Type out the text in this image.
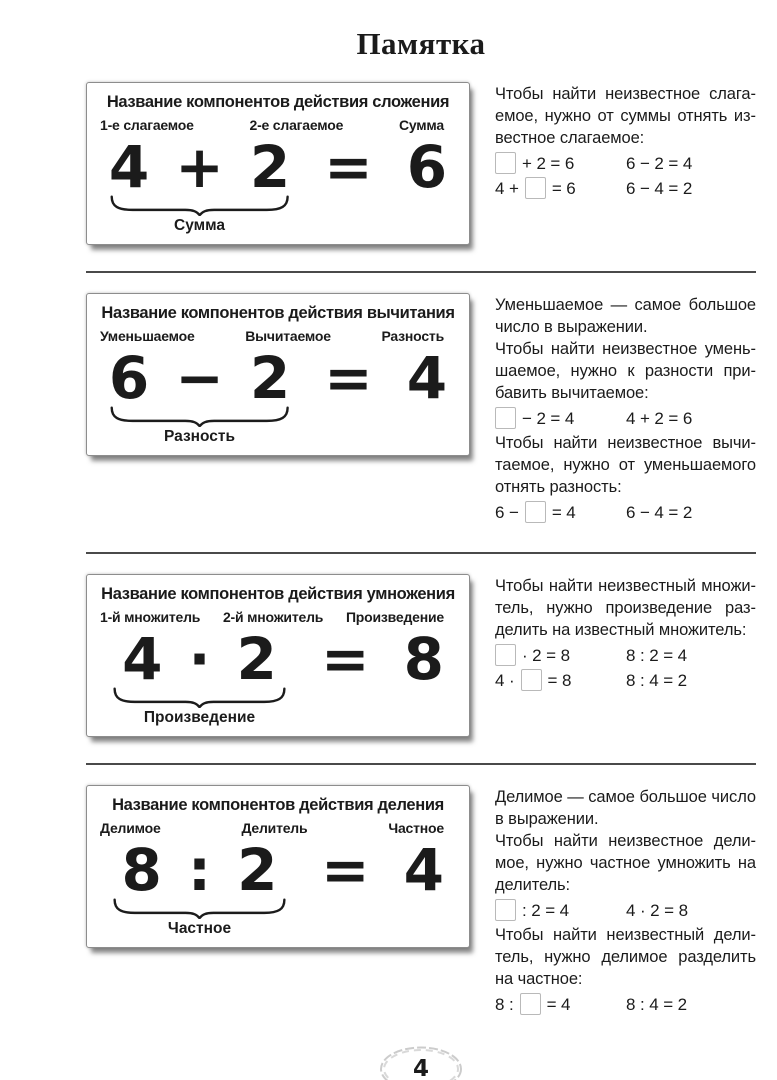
Памятка
Название компонентов действия сложения
1-е слагаемое	2-е слагаемое	Сумма
4 + 2
Сумма
= 6

Чтобы найти неизвестное слагаемое, нужно от суммы отнять известное слагаемое:

+ 2 = 6	6 − 2 = 4
4 + = 6	6 − 4 = 2
Название компонентов действия вычитания
Уменьшаемое	Вычитаемое	Разность
6 − 2
Разность
= 4

Уменьшаемое — самое большое число в выражении.

Чтобы найти неизвестное уменьшаемое, нужно к разности прибавить вычитаемое:

− 2 = 4	4 + 2 = 6

Чтобы найти неизвестное вычитаемое, нужно от уменьшаемого отнять разность:

6 − = 4	6 − 4 = 2
Название компонентов действия умножения
1-й множитель 2-й множитель Произведение
4 · 2
Произведение
= 8

Чтобы найти неизвестный множитель, нужно произведение разделить на известный множитель:

· 2 = 8	8 : 2 = 4
4 · = 8	8 : 4 = 2
Название компонентов действия деления
Делимое	Делитель	Частное
8 : 2
Частное
= 4

Делимое — самое большое число в выражении.

Чтобы найти неизвестное делимое, нужно частное умножить на делитель:

: 2 = 4	4 · 2 = 8

Чтобы найти неизвестный делитель, нужно делимое разделить на частное:

8 : = 4	8 : 4 = 2
4
